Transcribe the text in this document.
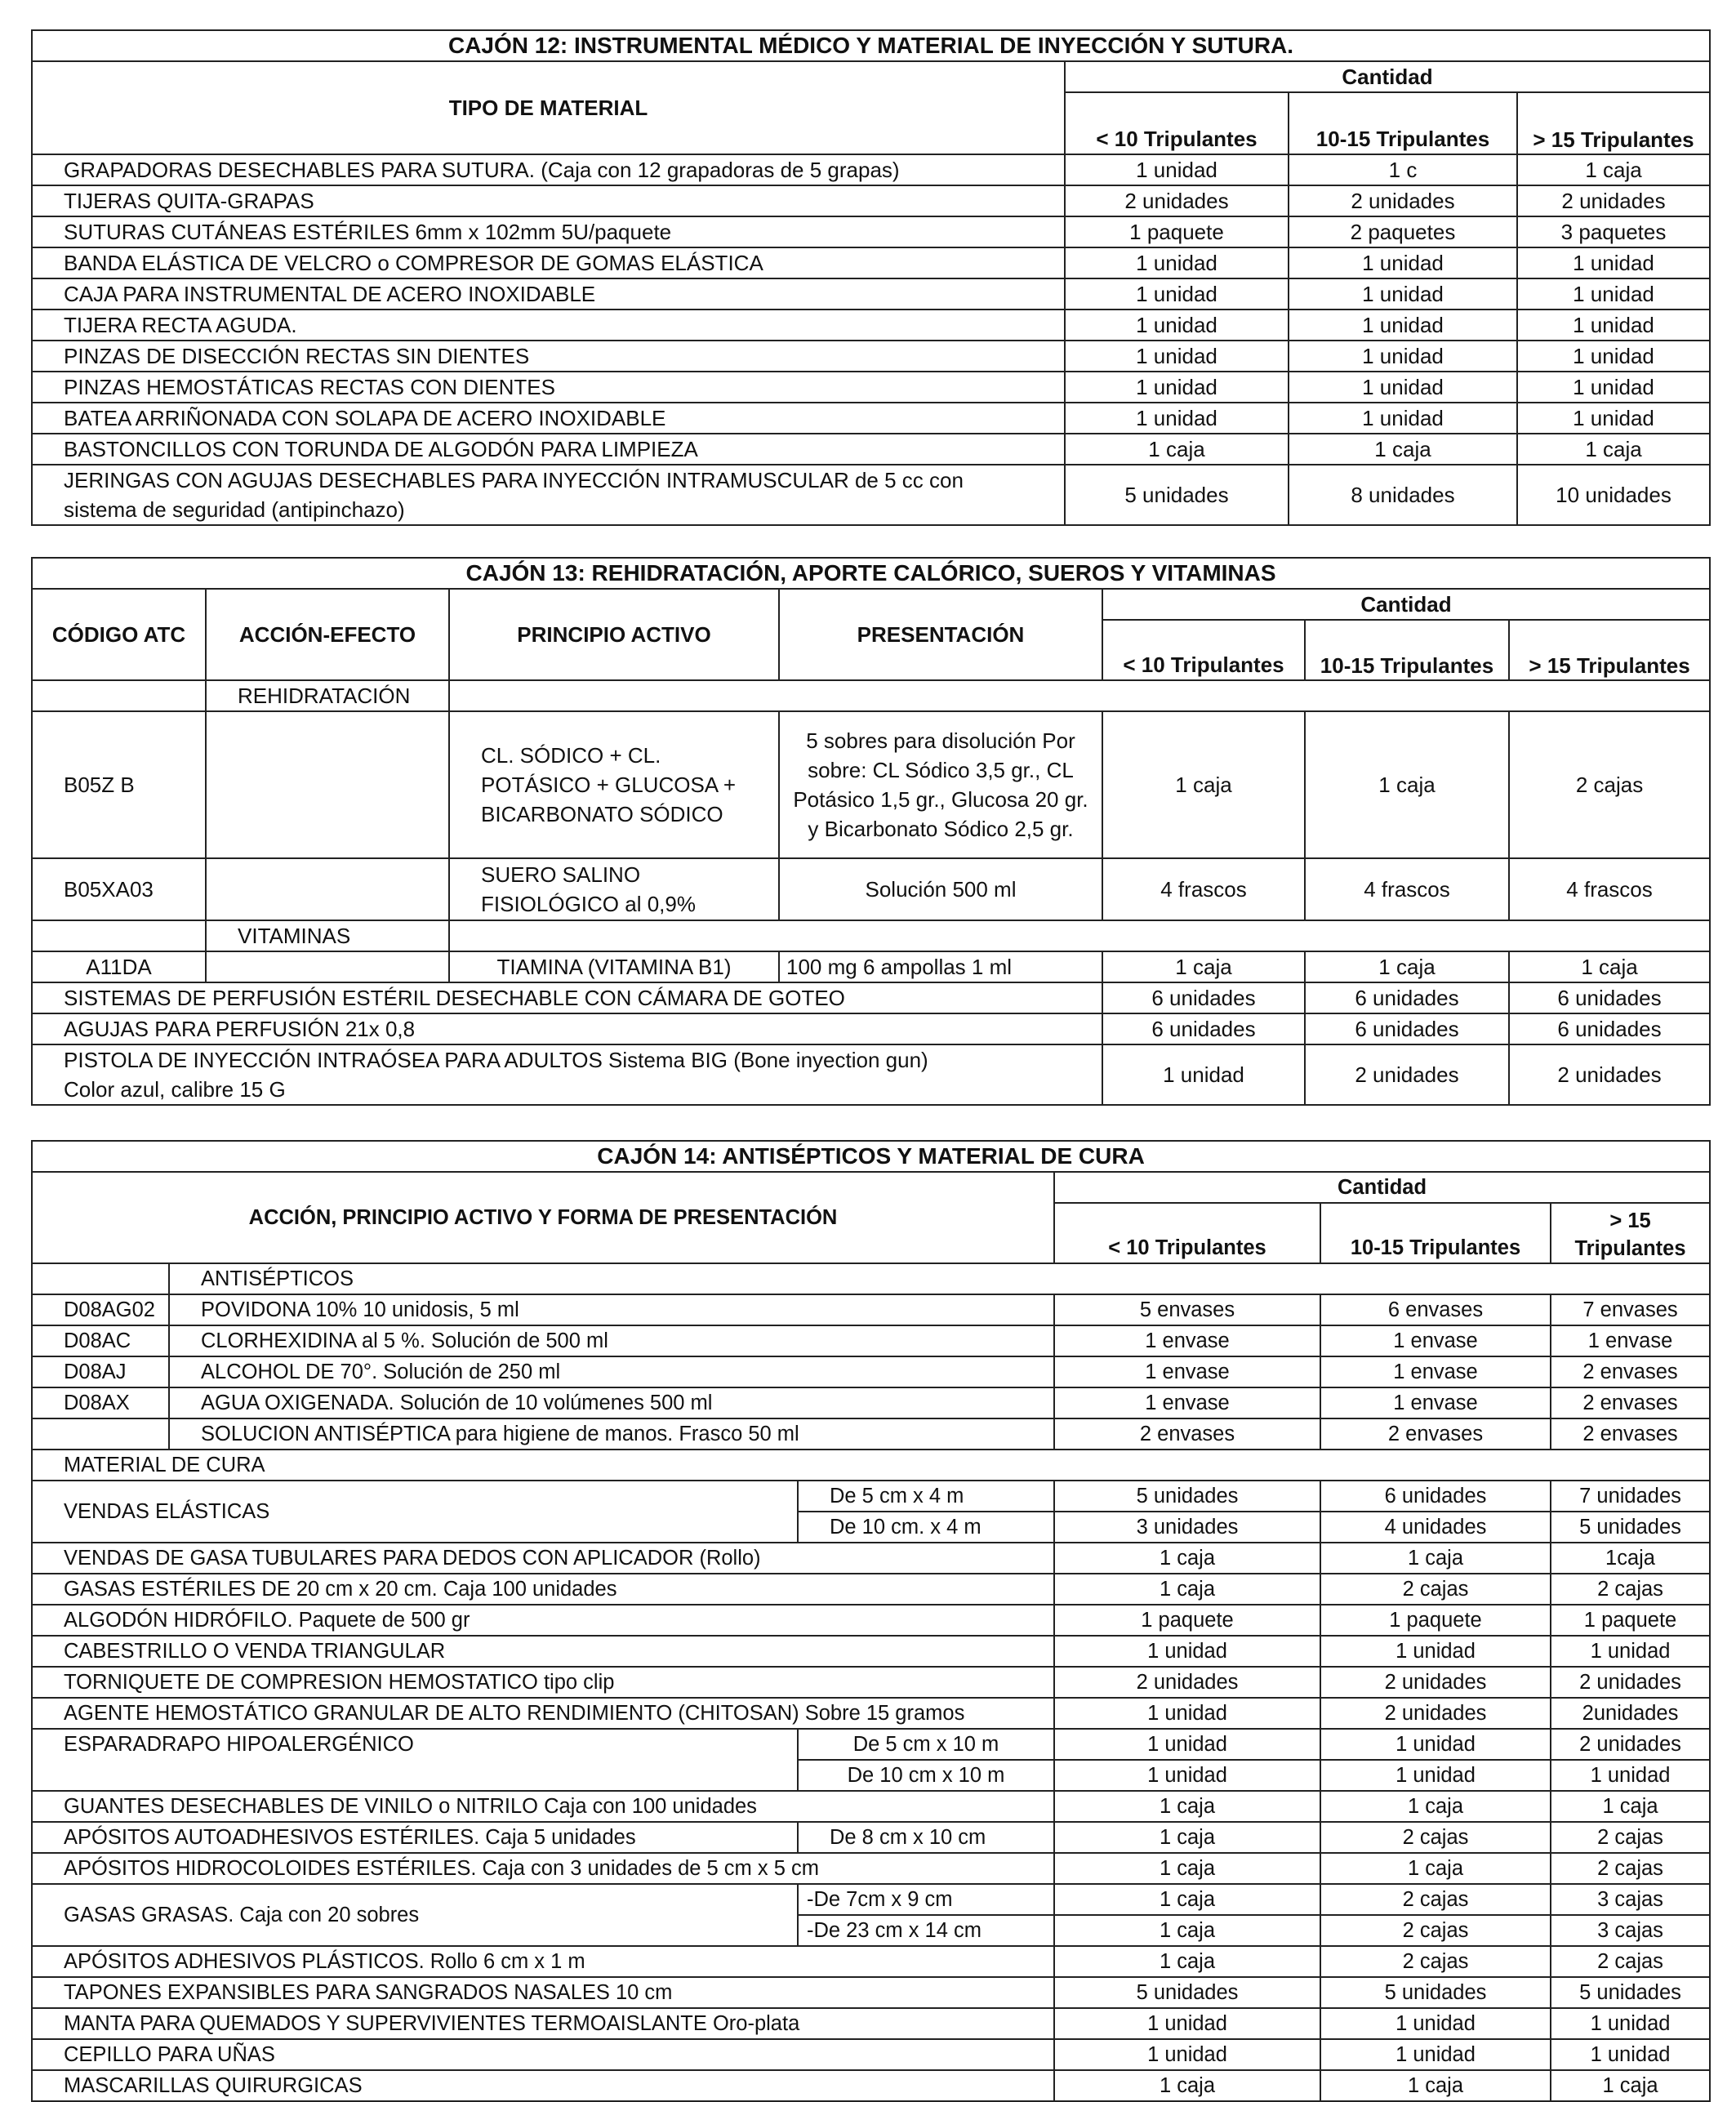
CAJÓN 12: INSTRUMENTAL MÉDICO Y MATERIAL DE INYECCIÓN Y SUTURA.			
TIPO DE MATERIAL	Cantidad		
	< 10 Tripulantes	10-15 Tripulantes	> 15 Tripulantes
GRAPADORAS DESECHABLES PARA SUTURA. (Caja con 12 grapadoras de 5 grapas)	1 unidad	1 c	1 caja
TIJERAS QUITA-GRAPAS	2 unidades	2 unidades	2 unidades
SUTURAS CUTÁNEAS ESTÉRILES 6mm x 102mm 5U/paquete	1 paquete	2 paquetes	3 paquetes
BANDA ELÁSTICA DE VELCRO o COMPRESOR DE GOMAS ELÁSTICA	1 unidad	1 unidad	1 unidad
CAJA PARA INSTRUMENTAL DE ACERO INOXIDABLE	1 unidad	1 unidad	1 unidad
TIJERA RECTA AGUDA.	1 unidad	1 unidad	1 unidad
PINZAS DE DISECCIÓN RECTAS SIN DIENTES	1 unidad	1 unidad	1 unidad
PINZAS HEMOSTÁTICAS RECTAS CON DIENTES	1 unidad	1 unidad	1 unidad
BATEA ARRIÑONADA CON SOLAPA DE ACERO INOXIDABLE	1 unidad	1 unidad	1 unidad
BASTONCILLOS CON TORUNDA DE ALGODÓN PARA LIMPIEZA	1 caja	1 caja	1 caja
JERINGAS CON AGUJAS DESECHABLES PARA INYECCIÓN INTRAMUSCULAR de 5 cc con sistema de seguridad (antipinchazo)	5 unidades	8 unidades	10 unidades
CAJÓN 13: REHIDRATACIÓN, APORTE CALÓRICO, SUEROS Y VITAMINAS						
CÓDIGO ATC	ACCIÓN-EFECTO	PRINCIPIO ACTIVO	PRESENTACIÓN	Cantidad		
				< 10 Tripulantes	10-15 Tripulantes	> 15 Tripulantes
	REHIDRATACIÓN					
B05Z B		CL. SÓDICO + CL. POTÁSICO + GLUCOSA + BICARBONATO SÓDICO	5 sobres para disolución Por sobre: CL Sódico 3,5 gr., CL Potásico 1,5 gr., Glucosa 20 gr. y Bicarbonato Sódico 2,5 gr.	1 caja	1 caja	2 cajas
B05XA03		SUERO SALINO FISIOLÓGICO al 0,9%	Solución 500 ml	4 frascos	4 frascos	4 frascos
	VITAMINAS					
A11DA		TIAMINA (VITAMINA B1)	100 mg 6 ampollas 1 ml	1 caja	1 caja	1 caja
SISTEMAS DE PERFUSIÓN ESTÉRIL DESECHABLE CON CÁMARA DE GOTEO				6 unidades	6 unidades	6 unidades
AGUJAS PARA PERFUSIÓN 21x 0,8				6 unidades	6 unidades	6 unidades
PISTOLA DE INYECCIÓN INTRAÓSEA PARA ADULTOS Sistema BIG (Bone inyection gun) Color azul, calibre 15 G				1 unidad	2 unidades	2 unidades
CAJÓN 14: ANTISÉPTICOS Y MATERIAL DE CURA					
ACCIÓN, PRINCIPIO ACTIVO Y FORMA DE PRESENTACIÓN			Cantidad		
			< 10 Tripulantes	10-15 Tripulantes	> 15 Tripulantes
	ANTISÉPTICOS				
D08AG02	POVIDONA 10% 10 unidosis, 5 ml		5 envases	6 envases	7 envases
D08AC	CLORHEXIDINA al 5 %. Solución de 500 ml		1 envase	1 envase	1 envase
D08AJ	ALCOHOL DE 70°. Solución de 250 ml		1 envase	1 envase	2 envases
D08AX	AGUA OXIGENADA. Solución de 10 volúmenes 500 ml		1 envase	1 envase	2 envases
	SOLUCION ANTISÉPTICA para higiene de manos. Frasco 50 ml		2 envases	2 envases	2 envases
MATERIAL DE CURA					
VENDAS ELÁSTICAS		De 5 cm x 4 m	5 unidades	6 unidades	7 unidades
		De 10 cm. x 4 m	3 unidades	4 unidades	5 unidades
VENDAS DE GASA TUBULARES PARA DEDOS CON APLICADOR (Rollo)			1 caja	1 caja	1caja
GASAS ESTÉRILES DE 20 cm x 20 cm. Caja 100 unidades			1 caja	2 cajas	2 cajas
ALGODÓN HIDRÓFILO. Paquete de 500 gr			1 paquete	1 paquete	1 paquete
CABESTRILLO O VENDA TRIANGULAR			1 unidad	1 unidad	1 unidad
TORNIQUETE DE COMPRESION HEMOSTATICO tipo clip			2 unidades	2 unidades	2 unidades
AGENTE HEMOSTÁTICO GRANULAR DE ALTO RENDIMIENTO (CHITOSAN) Sobre 15 gramos			1 unidad	2 unidades	2unidades
ESPARADRAPO HIPOALERGÉNICO		De 5 cm x 10 m	1 unidad	1 unidad	2 unidades
		De 10 cm x 10 m	1 unidad	1 unidad	1 unidad
GUANTES DESECHABLES DE VINILO o NITRILO Caja con 100 unidades			1 caja	1 caja	1 caja
APÓSITOS AUTOADHESIVOS ESTÉRILES. Caja 5 unidades		De 8 cm x 10 cm	1 caja	2 cajas	2 cajas
APÓSITOS HIDROCOLOIDES ESTÉRILES. Caja con 3 unidades de 5 cm x 5 cm			1 caja	1 caja	2 cajas
GASAS GRASAS. Caja con 20 sobres		-De 7cm x 9 cm	1 caja	2 cajas	3 cajas
		-De 23 cm x 14 cm	1 caja	2 cajas	3 cajas
APÓSITOS ADHESIVOS PLÁSTICOS. Rollo 6 cm x 1 m			1 caja	2 cajas	2 cajas
TAPONES EXPANSIBLES PARA SANGRADOS NASALES 10 cm			5 unidades	5 unidades	5 unidades
MANTA PARA QUEMADOS Y SUPERVIVIENTES TERMOAISLANTE Oro-plata			1 unidad	1 unidad	1 unidad
CEPILLO PARA UÑAS			1 unidad	1 unidad	1 unidad
MASCARILLAS QUIRURGICAS			1 caja	1 caja	1 caja
